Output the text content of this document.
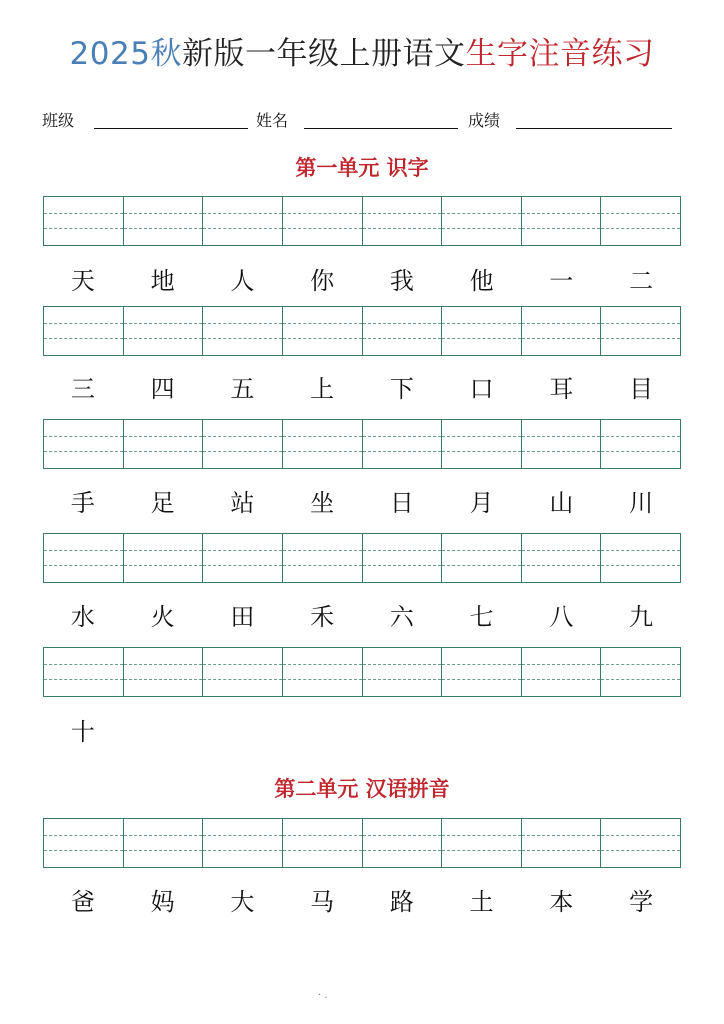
2025秋新版一年级上册语文生字注音练习
班级	姓名	成绩
第一单元 识字
天	地	人	你	我	他	一	二
三	四	五	上	下	口	耳	目
手	足	站	坐	日	月	山	川
水	火	田	禾	六	七	八	九
十
第二单元 汉语拼音
爸	妈	大	马	路	土	本	学
· .
